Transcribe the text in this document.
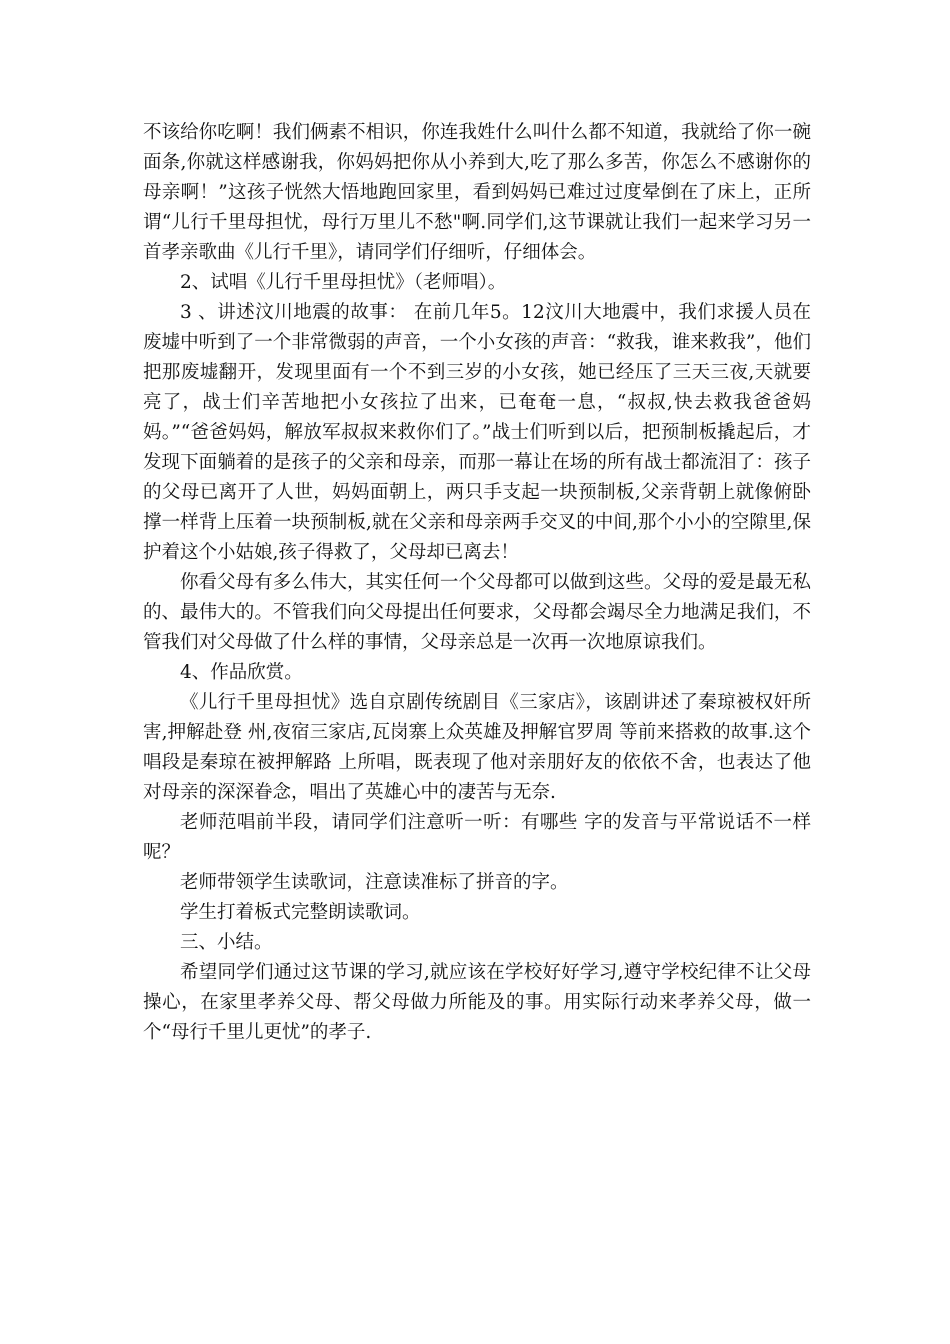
不该给你吃啊！我们俩素不相识，你连我姓什么叫什么都不知道，我就给了你一碗面条,你就这样感谢我，你妈妈把你从小养到大,吃了那么多苦，你怎么不感谢你的母亲啊！”这孩子恍然大悟地跑回家里，看到妈妈已难过过度晕倒在了床上，正所谓“儿行千里母担忧，母行万里儿不愁"啊.同学们,这节课就让我们一起来学习另一首孝亲歌曲《儿行千里》，请同学们仔细听，仔细体会。

2、试唱《儿行千里母担忧》（老师唱）。

3 、讲述汶川地震的故事： 在前几年5。12汶川大地震中，我们求援人员在废墟中听到了一个非常微弱的声音，一个小女孩的声音：“救我，谁来救我”，他们把那废墟翻开，发现里面有一个不到三岁的小女孩，她已经压了三天三夜,天就要亮了，战士们辛苦地把小女孩拉了出来，已奄奄一息，“叔叔,快去救我爸爸妈妈。”“爸爸妈妈，解放军叔叔来救你们了。”战士们听到以后，把预制板撬起后，才发现下面躺着的是孩子的父亲和母亲，而那一幕让在场的所有战士都流泪了：孩子的父母已离开了人世，妈妈面朝上，两只手支起一块预制板,父亲背朝上就像俯卧撑一样背上压着一块预制板,就在父亲和母亲两手交叉的中间,那个小小的空隙里,保护着这个小姑娘,孩子得救了，父母却已离去！

你看父母有多么伟大，其实任何一个父母都可以做到这些。父母的爱是最无私的、最伟大的。不管我们向父母提出任何要求，父母都会竭尽全力地满足我们，不管我们对父母做了什么样的事情，父母亲总是一次再一次地原谅我们。

4、作品欣赏。

《儿行千里母担忧》选自京剧传统剧目《三家店》，该剧讲述了秦琼被权奸所害,押解赴登 州,夜宿三家店,瓦岗寨上众英雄及押解官罗周 等前来搭救的故事.这个唱段是秦琼在被押解路 上所唱，既表现了他对亲朋好友的依依不舍，也表达了他对母亲的深深眷念，唱出了英雄心中的凄苦与无奈.

老师范唱前半段，请同学们注意听一听：有哪些 字的发音与平常说话不一样呢？

老师带领学生读歌词，注意读准标了拼音的字。

学生打着板式完整朗读歌词。

三、小结。

希望同学们通过这节课的学习,就应该在学校好好学习,遵守学校纪律不让父母操心，在家里孝养父母、帮父母做力所能及的事。用实际行动来孝养父母，做一个“母行千里儿更忧”的孝子.
